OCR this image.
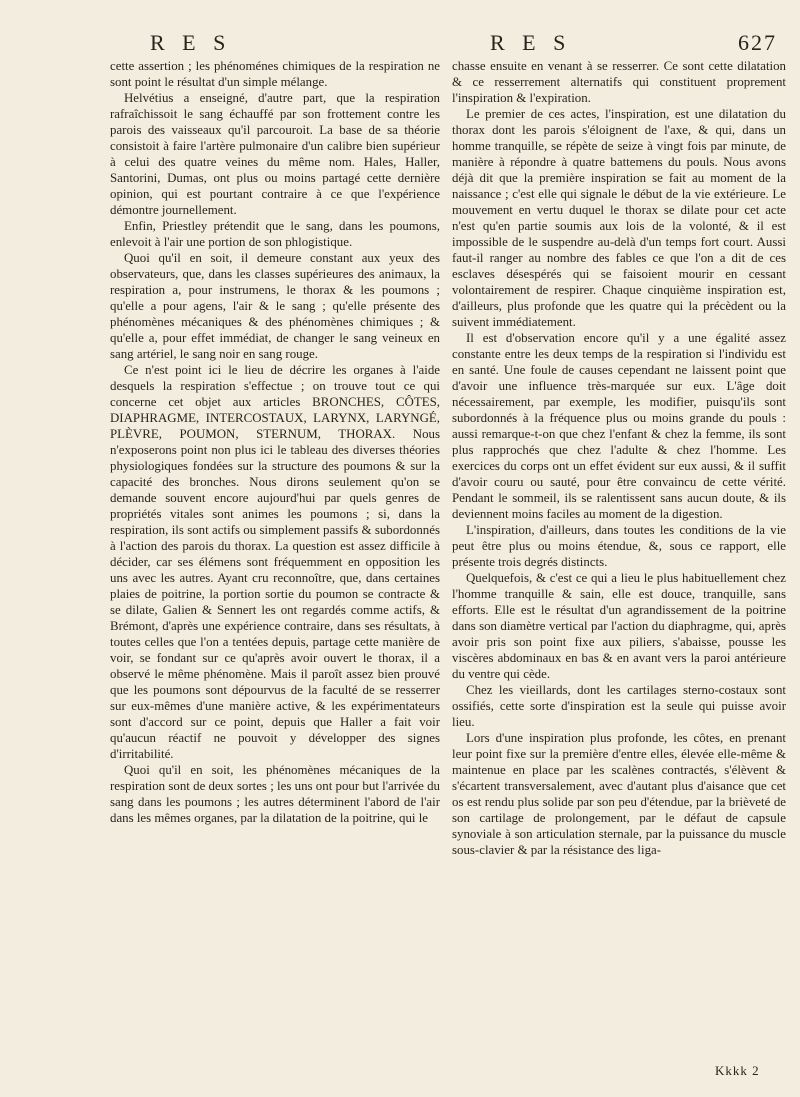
R E S	R E S	627

cette assertion ; les phénoménes chimiques de la respiration ne sont point le résultat d'un simple mélange.

Helvétius a enseigné, d'autre part, que la respiration rafraîchissoit le sang échauffé par son frottement contre les parois des vaisseaux qu'il parcouroit. La base de sa théorie consistoit à faire l'artère pulmonaire d'un calibre bien supérieur à celui des quatre veines du même nom. Hales, Haller, Santorini, Dumas, ont plus ou moins partagé cette dernière opinion, qui est pourtant contraire à ce que l'expérience démontre journellement.

Enfin, Priestley prétendit que le sang, dans les poumons, enlevoit à l'air une portion de son phlogistique.

Quoi qu'il en soit, il demeure constant aux yeux des observateurs, que, dans les classes supérieures des animaux, la respiration a, pour instrumens, le thorax & les poumons ; qu'elle a pour agens, l'air & le sang ; qu'elle présente des phénomènes mécaniques & des phénomènes chimiques ; & qu'elle a, pour effet immédiat, de changer le sang veineux en sang artériel, le sang noir en sang rouge.

Ce n'est point ici le lieu de décrire les organes à l'aide desquels la respiration s'effectue ; on trouve tout ce qui concerne cet objet aux articles BRONCHES, CÔTES, DIAPHRAGME, INTERCOSTAUX, LARYNX, LARYNGÉ, PLÈVRE, POUMON, STERNUM, THORAX. Nous n'exposerons point non plus ici le tableau des diverses théories physiologiques fondées sur la structure des poumons & sur la capacité des bronches. Nous dirons seulement qu'on se demande souvent encore aujourd'hui par quels genres de propriétés vitales sont animes les poumons ; si, dans la respiration, ils sont actifs ou simplement passifs & subordonnés à l'action des parois du thorax. La question est assez difficile à décider, car ses élémens sont fréquemment en opposition les uns avec les autres. Ayant cru reconnoître, que, dans certaines plaies de poitrine, la portion sortie du poumon se contracte & se dilate, Galien & Sennert les ont regardés comme actifs, & Brémont, d'après une expérience contraire, dans ses résultats, à toutes celles que l'on a tentées depuis, partage cette manière de voir, se fondant sur ce qu'après avoir ouvert le thorax, il a observé le même phénomène. Mais il paroît assez bien prouvé que les poumons sont dépourvus de la faculté de se resserrer sur eux-mêmes d'une manière active, & les expérimentateurs sont d'accord sur ce point, depuis que Haller a fait voir qu'aucun réactif ne pouvoit y développer des signes d'irritabilité.

Quoi qu'il en soit, les phénomènes mécaniques de la respiration sont de deux sortes ; les uns ont pour but l'arrivée du sang dans les poumons ; les autres déterminent l'abord de l'air dans les mêmes organes, par la dilatation de la poitrine, qui le

chasse ensuite en venant à se resserrer. Ce sont cette dilatation & ce resserrement alternatifs qui constituent proprement l'inspiration & l'expiration.

Le premier de ces actes, l'inspiration, est une dilatation du thorax dont les parois s'éloignent de l'axe, & qui, dans un homme tranquille, se répète de seize à vingt fois par minute, de manière à répondre à quatre battemens du pouls. Nous avons déjà dit que la première inspiration se fait au moment de la naissance ; c'est elle qui signale le début de la vie extérieure. Le mouvement en vertu duquel le thorax se dilate pour cet acte n'est qu'en partie soumis aux lois de la volonté, & il est impossible de le suspendre au-delà d'un temps fort court. Aussi faut-il ranger au nombre des fables ce que l'on a dit de ces esclaves désespérés qui se faisoient mourir en cessant volontairement de respirer. Chaque cinquième inspiration est, d'ailleurs, plus profonde que les quatre qui la précèdent ou la suivent immédiatement.

Il est d'observation encore qu'il y a une égalité assez constante entre les deux temps de la respiration si l'individu est en santé. Une foule de causes cependant ne laissent point que d'avoir une influence très-marquée sur eux. L'âge doit nécessairement, par exemple, les modifier, puisqu'ils sont subordonnés à la fréquence plus ou moins grande du pouls : aussi remarque-t-on que chez l'enfant & chez la femme, ils sont plus rapprochés que chez l'adulte & chez l'homme. Les exercices du corps ont un effet évident sur eux aussi, & il suffit d'avoir couru ou sauté, pour être convaincu de cette vérité. Pendant le sommeil, ils se ralentissent sans aucun doute, & ils deviennent moins faciles au moment de la digestion.

L'inspiration, d'ailleurs, dans toutes les conditions de la vie peut être plus ou moins étendue, &, sous ce rapport, elle présente trois degrés distincts.

Quelquefois, & c'est ce qui a lieu le plus habituellement chez l'homme tranquille & sain, elle est douce, tranquille, sans efforts. Elle est le résultat d'un agrandissement de la poitrine dans son diamètre vertical par l'action du diaphragme, qui, après avoir pris son point fixe aux piliers, s'abaisse, pousse les viscères abdominaux en bas & en avant vers la paroi antérieure du ventre qui cède.

Chez les vieillards, dont les cartilages sterno-costaux sont ossifiés, cette sorte d'inspiration est la seule qui puisse avoir lieu.

Lors d'une inspiration plus profonde, les côtes, en prenant leur point fixe sur la première d'entre elles, élevée elle-même & maintenue en place par les scalènes contractés, s'élèvent & s'écartent transversalement, avec d'autant plus d'aisance que cet os est rendu plus solide par son peu d'étendue, par la brièveté de son cartilage de prolongement, par le défaut de capsule synoviale à son articulation sternale, par la puissance du muscle sous-clavier & par la résistance des liga-

Kkkk 2
